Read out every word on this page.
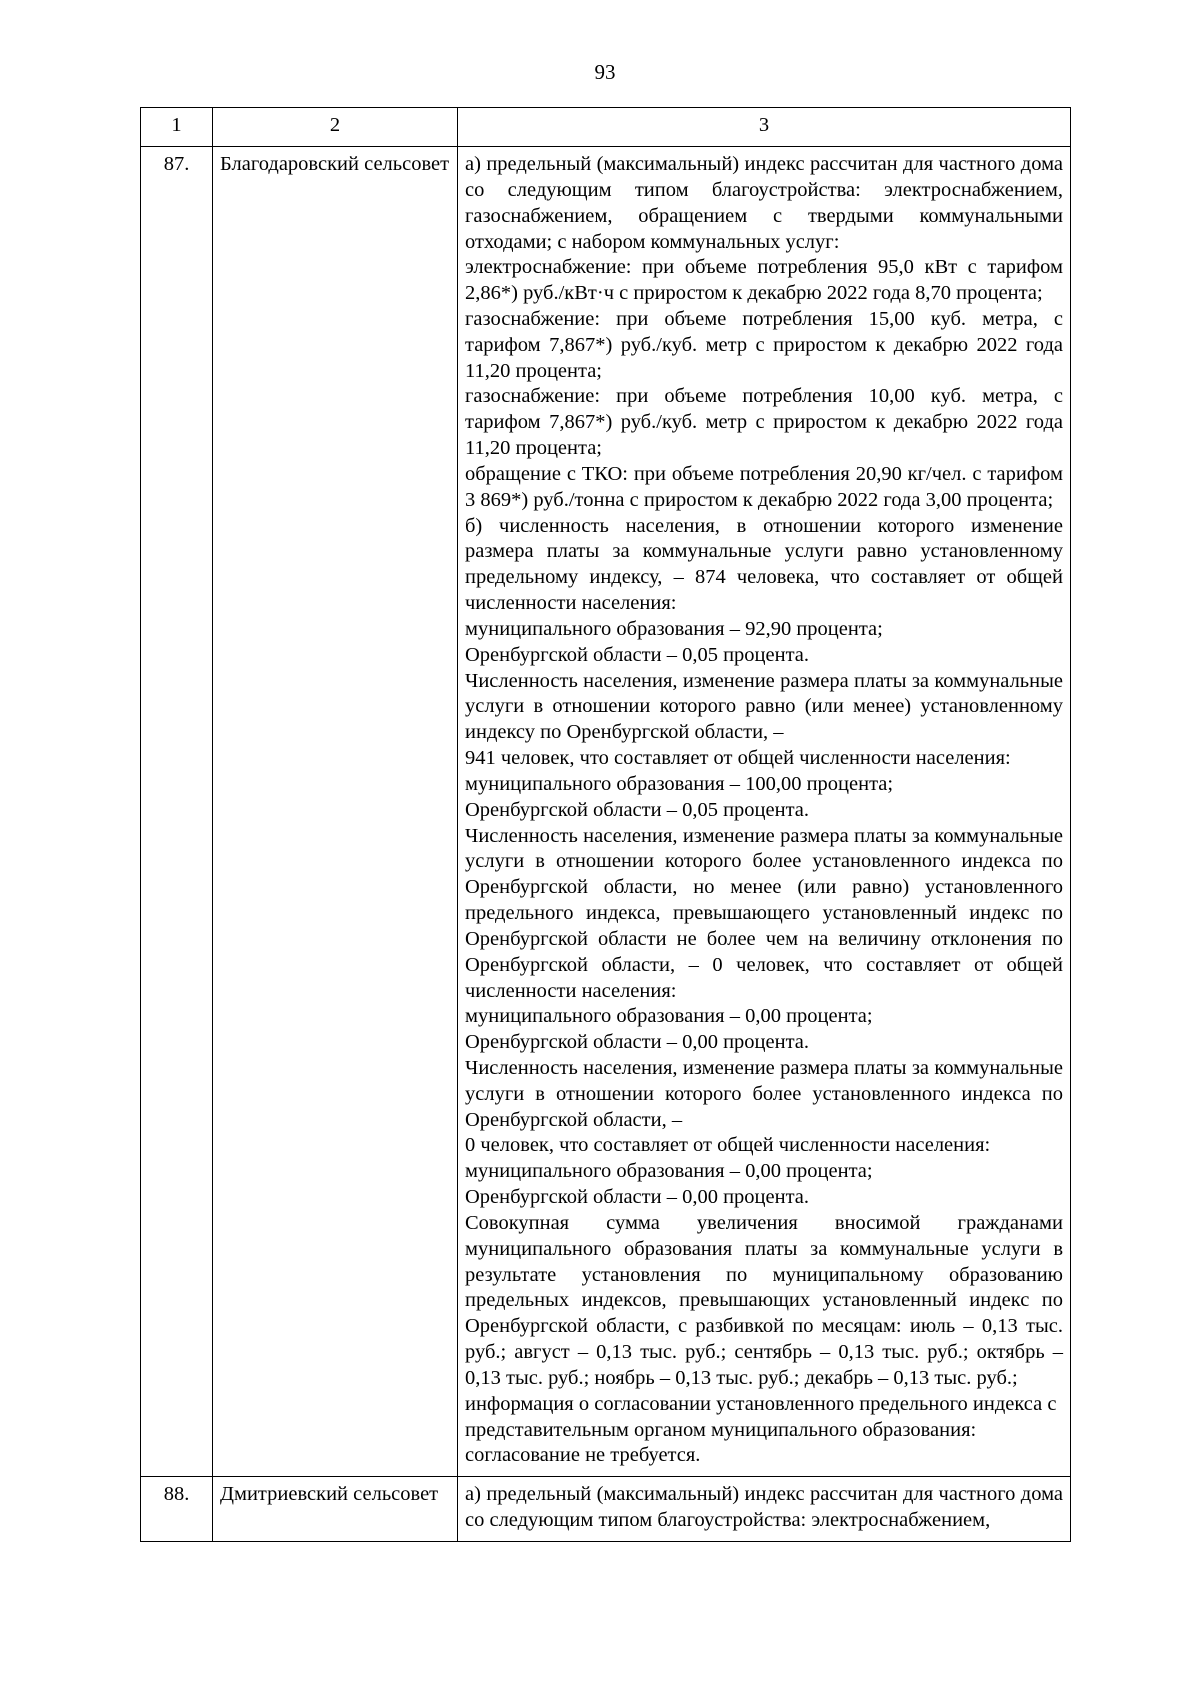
93
1	2	3
87.	Благодаровский сельсовет	а) предельный (максимальный) индекс рассчитан для частного дома со следующим типом благоустройства: электроснабжением, газоснабжением, обращением с твердыми коммунальными отходами; с набором коммунальных услуг:

электроснабжение: при объеме потребления 95,0 кВт с тарифом 2,86*) руб./кВт·ч с приростом к декабрю 2022 года 8,70 процента;

газоснабжение: при объеме потребления 15,00 куб. метра, с тарифом 7,867*) руб./куб. метр с приростом к декабрю 2022 года 11,20 процента;

газоснабжение: при объеме потребления 10,00 куб. метра, с тарифом 7,867*) руб./куб. метр с приростом к декабрю 2022 года 11,20 процента;

обращение с ТКО: при объеме потребления 20,90 кг/чел. с тарифом 3 869*) руб./тонна с приростом к декабрю 2022 года 3,00 процента;

б) численность населения, в отношении которого изменение размера платы за коммунальные услуги равно установленному предельному индексу, – 874 человека, что составляет от общей численности населения:

муниципального образования – 92,90 процента;

Оренбургской области – 0,05 процента.

Численность населения, изменение размера платы за коммунальные услуги в отношении которого равно (или менее) установленному индексу по Оренбургской области, –

941 человек, что составляет от общей численности населения:

муниципального образования – 100,00 процента;

Оренбургской области – 0,05 процента.

Численность населения, изменение размера платы за коммунальные услуги в отношении которого более установленного индекса по Оренбургской области, но менее (или равно) установленного предельного индекса, превышающего установленный индекс по Оренбургской области не более чем на величину отклонения по Оренбургской области, – 0 человек, что составляет от общей численности населения:

муниципального образования – 0,00 процента;

Оренбургской области – 0,00 процента.

Численность населения, изменение размера платы за коммунальные услуги в отношении которого более установленного индекса по Оренбургской области, –

0 человек, что составляет от общей численности населения:

муниципального образования – 0,00 процента;

Оренбургской области – 0,00 процента.

Совокупная сумма увеличения вносимой гражданами муниципального образования платы за коммунальные услуги в результате установления по муниципальному образованию предельных индексов, превышающих установленный индекс по Оренбургской области, с разбивкой по месяцам: июль – 0,13 тыс. руб.; август – 0,13 тыс. руб.; сентябрь – 0,13 тыс. руб.; октябрь – 0,13 тыс. руб.; ноябрь – 0,13 тыс. руб.; декабрь – 0,13 тыс. руб.;

информация о согласовании установленного предельного индекса с представительным органом муниципального образования: согласование не требуется.

88.	Дмитриевский сельсовет	а) предельный (максимальный) индекс рассчитан для частного дома со следующим типом благоустройства: электроснабжением,
